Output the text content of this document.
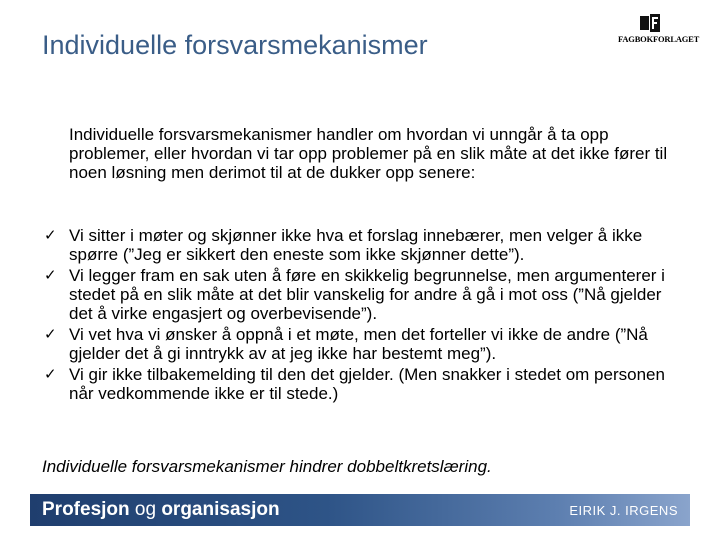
Individuelle forsvarsmekanismer	FAGBOKFORLAGET

Individuelle forsvarsmekanismer handler om hvordan vi unngår å ta opp problemer, eller hvordan vi tar opp problemer på en slik måte at det ikke fører til noen løsning men derimot til at de dukker opp senere:

✓ Vi sitter i møter og skjønner ikke hva et forslag innebærer, men velger å ikke spørre (”Jeg er sikkert den eneste som ikke skjønner dette”).
✓ Vi legger fram en sak uten å føre en skikkelig begrunnelse, men argumenterer i stedet på en slik måte at det blir vanskelig for andre å gå i mot oss (”Nå gjelder det å virke engasjert og overbevisende”).
✓ Vi vet hva vi ønsker å oppnå i et møte, men det forteller vi ikke de andre (”Nå gjelder det å gi inntrykk av at jeg ikke har bestemt meg”).
✓ Vi gir ikke tilbakemelding til den det gjelder. (Men snakker i stedet om personen når vedkommende ikke er til stede.)

Individuelle forsvarsmekanismer hindrer dobbeltkretslæring.

Profesjon og organisasjon	EIRIK J. IRGENS
